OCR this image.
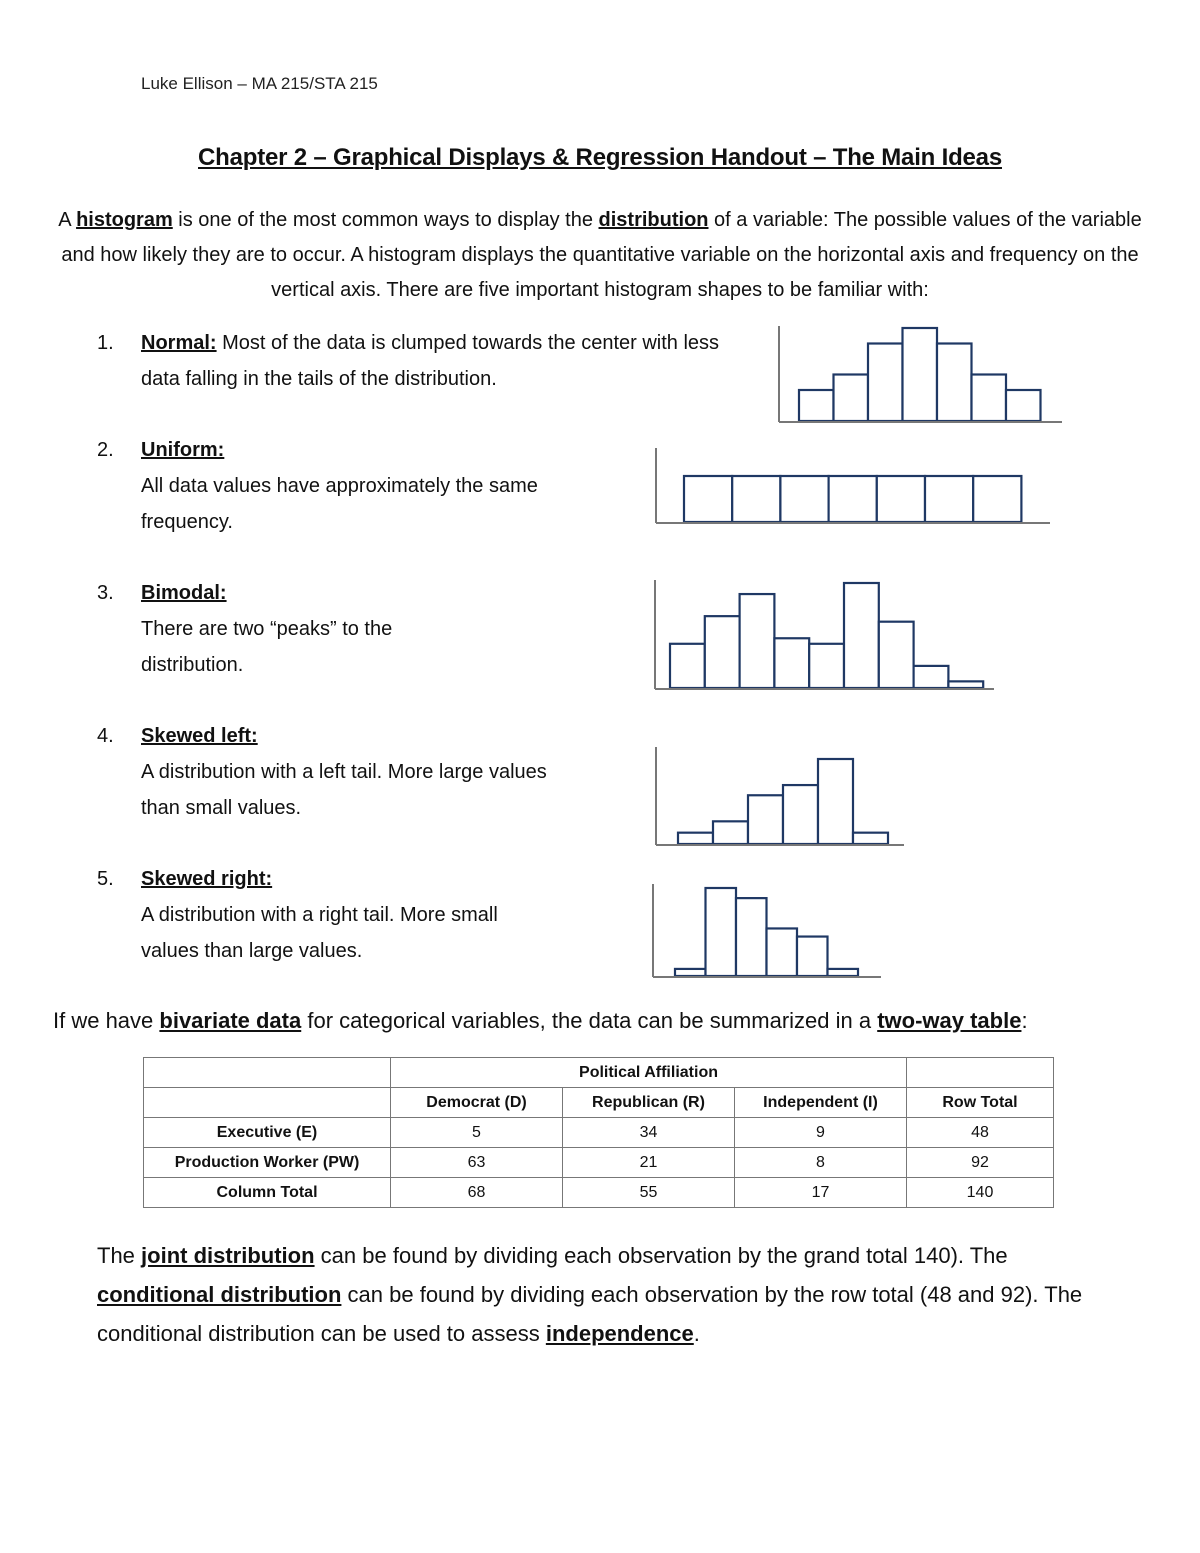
Luke Ellison – MA 215/STA 215
Chapter 2 – Graphical Displays & Regression Handout – The Main Ideas
A histogram is one of the most common ways to display the distribution of a variable: The possible values of the variable and how likely they are to occur. A histogram displays the quantitative variable on the horizontal axis and frequency on the vertical axis. There are five important histogram shapes to be familiar with:
1. Normal: Most of the data is clumped towards the center with less data falling in the tails of the distribution.
2. Uniform:
All data values have approximately the same frequency.
3. Bimodal:
There are two “peaks” to the distribution.
4. Skewed left:
A distribution with a left tail. More large values than small values.
5. Skewed right:
A distribution with a right tail. More small values than large values.
If we have bivariate data for categorical variables, the data can be summarized in a two-way table:
	Political Affiliation			
	Democrat (D)	Republican (R)	Independent (I)	Row Total
Executive (E)	5	34	9	48
Production Worker (PW)	63	21	8	92
Column Total	68	55	17	140
The joint distribution can be found by dividing each observation by the grand total 140). The conditional distribution can be found by dividing each observation by the row total (48 and 92). The conditional distribution can be used to assess independence.
